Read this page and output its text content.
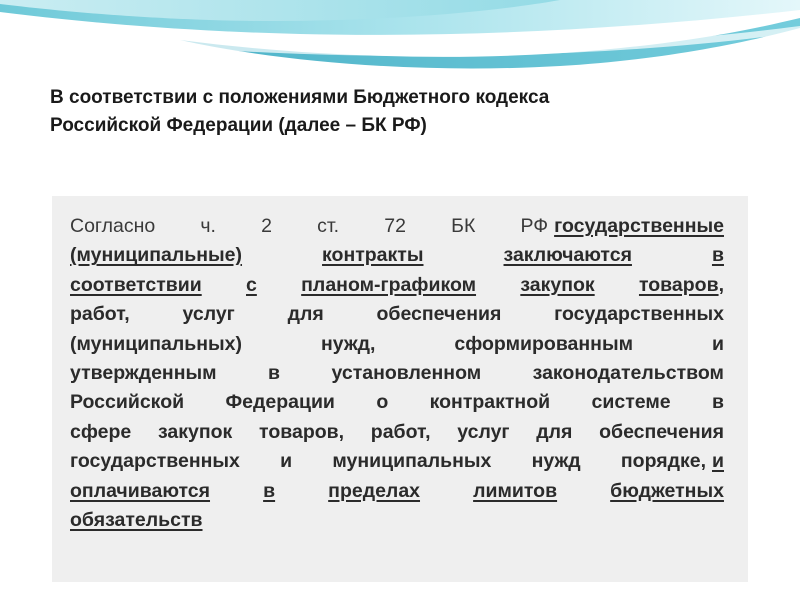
В соответствии с положениями Бюджетного кодекса
Российской Федерации (далее – БК РФ)
Согласно ч. 2 ст. 72 БК РФ государственные
(муниципальные)	контракты	заключаются	в
соответствии с планом-графиком закупок товаров ,
работ,	услуг	для	обеспечения	государственных
(муниципальных)	нужд,	сформированным	и
утвержденным	в	установленном	законодательством
Российской Федерации о контрактной системе в
сфере закупок товаров, работ, услуг для обеспечения
государственных и муниципальных нужд порядке, и
оплачиваются	в	пределах	лимитов	бюджетных
обязательств
